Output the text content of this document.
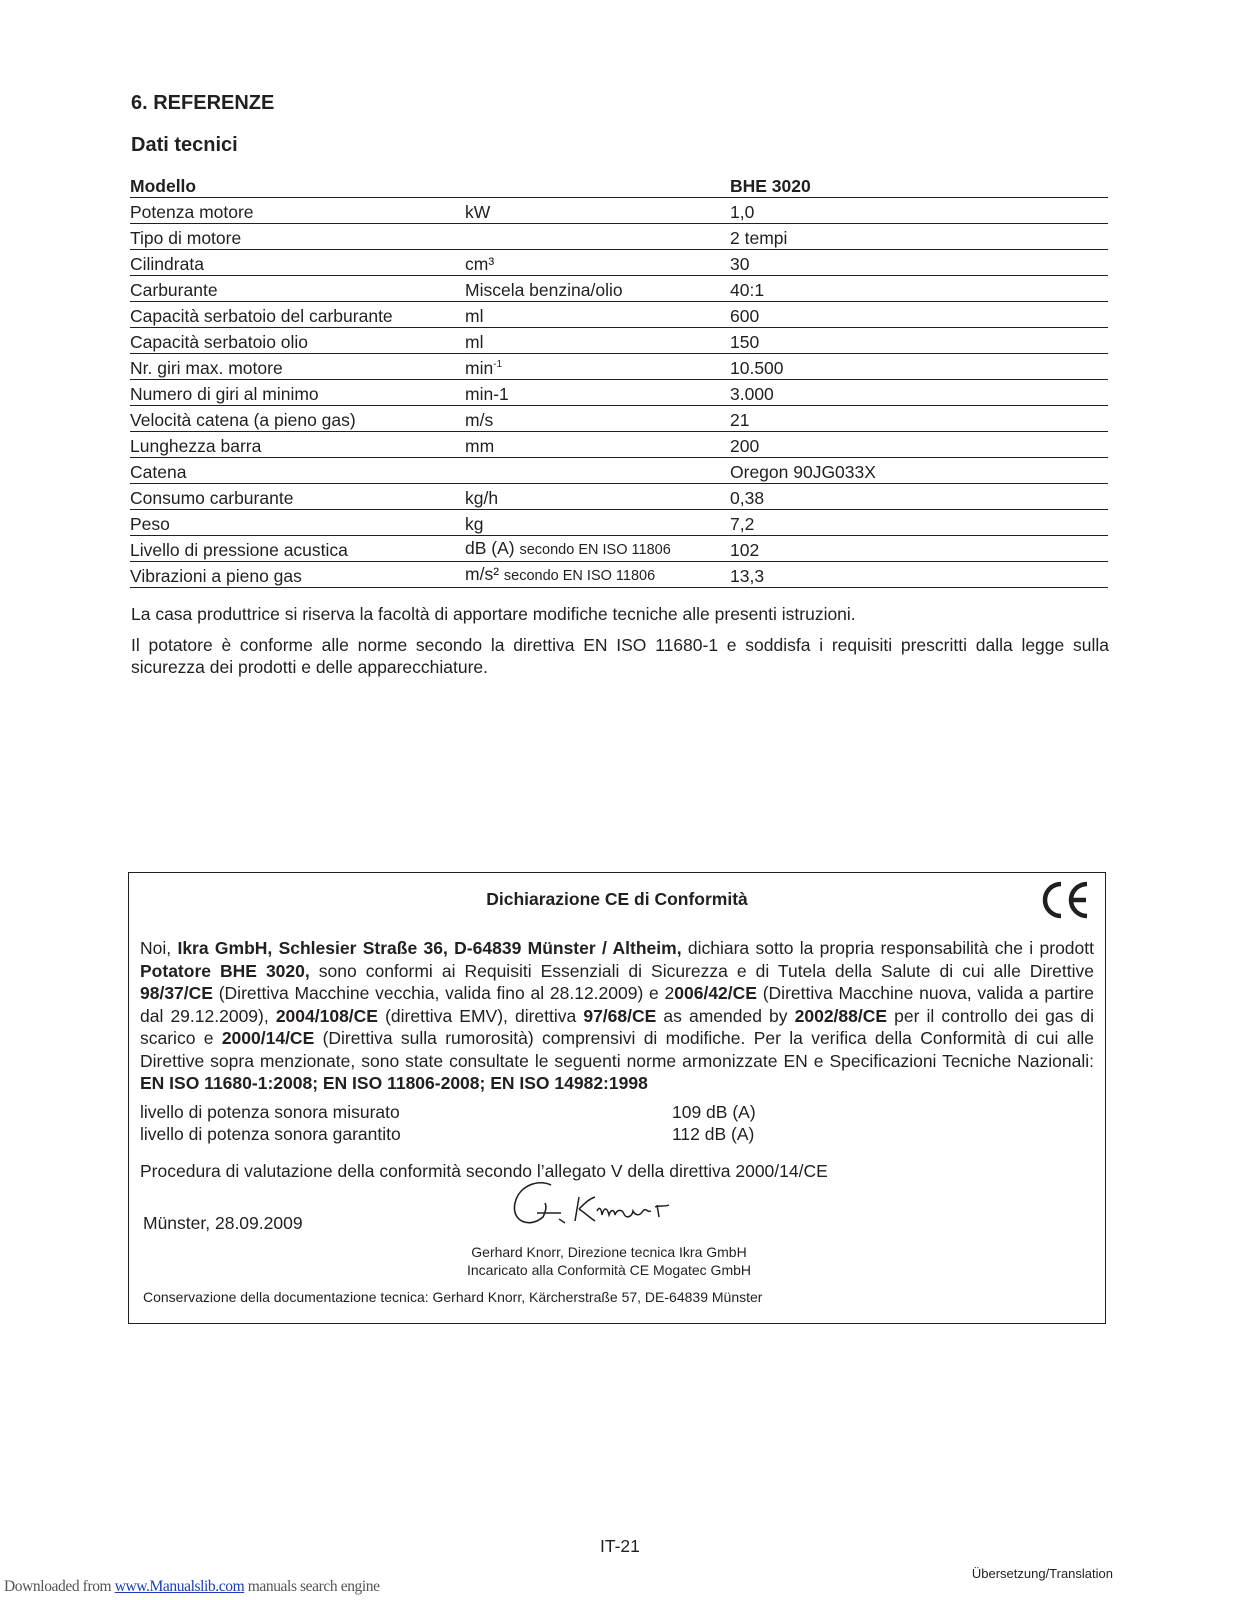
6. REFERENZE
Dati tecnici
Modello		BHE 3020
Potenza motore	kW	1,0
Tipo di motore		2 tempi
Cilindrata	cm³	30
Carburante	Miscela benzina/olio	40:1
Capacità serbatoio del carburante	ml	600
Capacità serbatoio olio	ml	150
Nr. giri max. motore	$\min^{-1}$	10.500
Numero di giri al minimo	min-1	3.000
Velocità catena (a pieno gas)	m/s	21
Lunghezza barra	mm	200
Catena		Oregon 90JG033X
Consumo carburante	kg/h	0,38
Peso	kg	7,2
Livello di pressione acustica	dB (A) secondo EN ISO 11806	102
Vibrazioni a pieno gas	m/s² secondo EN ISO 11806	13,3

La casa produttrice si riserva la facoltà di apportare modifiche tecniche alle presenti istruzioni.

Il potatore è conforme alle norme secondo la direttiva EN ISO 11680-1 e soddisfa i requisiti prescritti dalla legge sulla sicurezza dei prodotti e delle apparecchiature.

Dichiarazione CE di Conformità

Noi, Ikra GmbH, Schlesier Straße 36, D-64839 Münster / Altheim, dichiara sotto la propria responsabilità che i prodott Potatore BHE 3020, sono conformi ai Requisiti Essenziali di Sicurezza e di Tutela della Salute di cui alle Direttive 98/37/CE (Direttiva Macchine vecchia, valida fino al 28.12.2009) e 2006/42/CE (Direttiva Macchine nuova, valida a partire dal 29.12.2009), 2004/108/CE (direttiva EMV), direttiva 97/68/CE as amended by 2002/88/CE per il controllo dei gas di scarico e 2000/14/CE (Direttiva sulla rumorosità) comprensivi di modifiche. Per la verifica della Conformità di cui alle Direttive sopra menzionate, sono state consultate le seguenti norme armonizzate EN e Specificazioni Tecniche Nazionali: EN ISO 11680-1:2008; EN ISO 11806-2008; EN ISO 14982:1998

livello di potenza sonora misurato	109 dB (A)
livello di potenza sonora garantito	112 dB (A)

Procedura di valutazione della conformità secondo l’allegato V della direttiva 2000/14/CE

Münster, 28.09.2009
Gerhard Knorr, Direzione tecnica Ikra GmbH
Incaricato alla Conformità CE Mogatec GmbH
Conservazione della documentazione tecnica: Gerhard Knorr, Kärcherstraße 57, DE-64839 Münster
IT-21
Übersetzung/Translation
Downloaded from www.Manualslib.com manuals search engine
